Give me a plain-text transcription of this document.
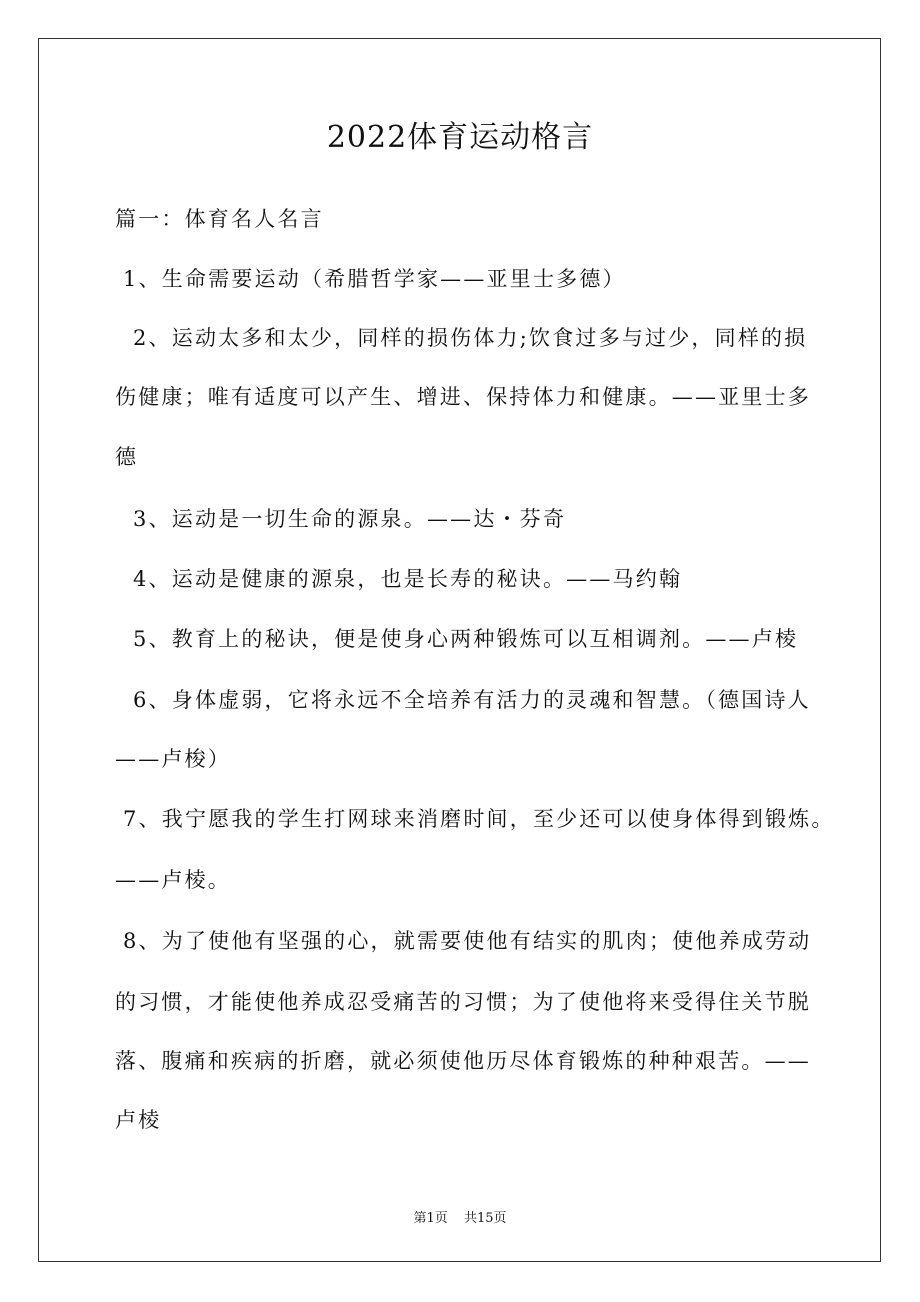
2022体育运动格言

篇一：体育名人名言

1、生命需要运动（希腊哲学家——亚里士多德）

2、运动太多和太少，同样的损伤体力;饮食过多与过少，同样的损

伤健康；唯有适度可以产生、增进、保持体力和健康。——亚里士多

德

3、运动是一切生命的源泉。——达・芬奇

4、运动是健康的源泉，也是长寿的秘诀。——马约翰

5、教育上的秘诀，便是使身心两种锻炼可以互相调剂。——卢棱

6、身体虚弱，它将永远不全培养有活力的灵魂和智慧。（德国诗人

——卢梭）

7、我宁愿我的学生打网球来消磨时间，至少还可以使身体得到锻炼。

——卢棱。

8、为了使他有坚强的心，就需要使他有结实的肌肉；使他养成劳动

的习惯，才能使他养成忍受痛苦的习惯；为了使他将来受得住关节脱

落、腹痛和疾病的折磨，就必须使他历尽体育锻炼的种种艰苦。——

卢棱

第1页 共15页
